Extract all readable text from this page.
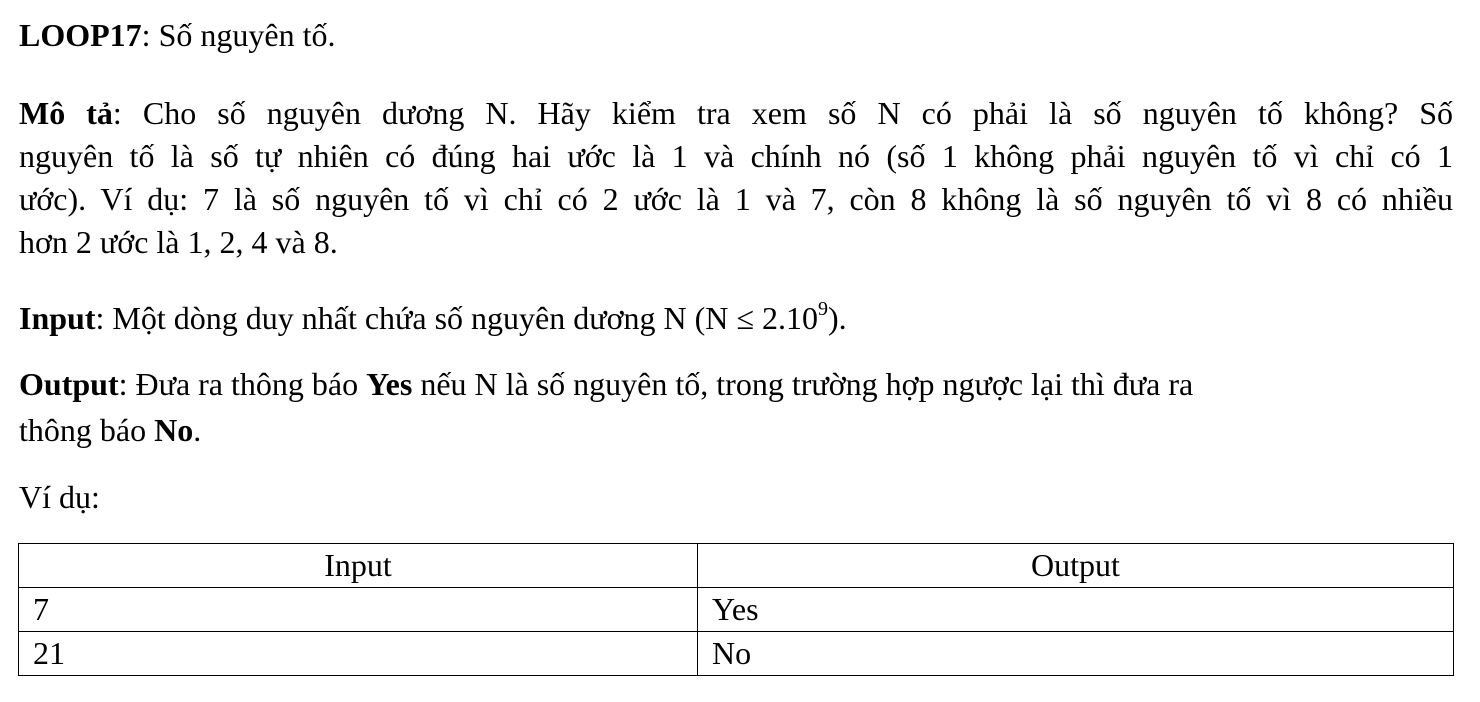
LOOP17: Số nguyên tố.
Mô tả: Cho số nguyên dương N. Hãy kiểm tra xem số N có phải là số nguyên tố không? Số
nguyên tố là số tự nhiên có đúng hai ước là 1 và chính nó (số 1 không phải nguyên tố vì chỉ có 1
ước). Ví dụ: 7 là số nguyên tố vì chỉ có 2 ước là 1 và 7, còn 8 không là số nguyên tố vì 8 có nhiều
hơn 2 ước là 1, 2, 4 và 8.
Input: Một dòng duy nhất chứa số nguyên dương N $(N \le 2.10^9)$.
Output: Đưa ra thông báo Yes nếu N là số nguyên tố, trong trường hợp ngược lại thì đưa ra
thông báo No.
Ví dụ:
Input	Output
7	Yes
21	No
